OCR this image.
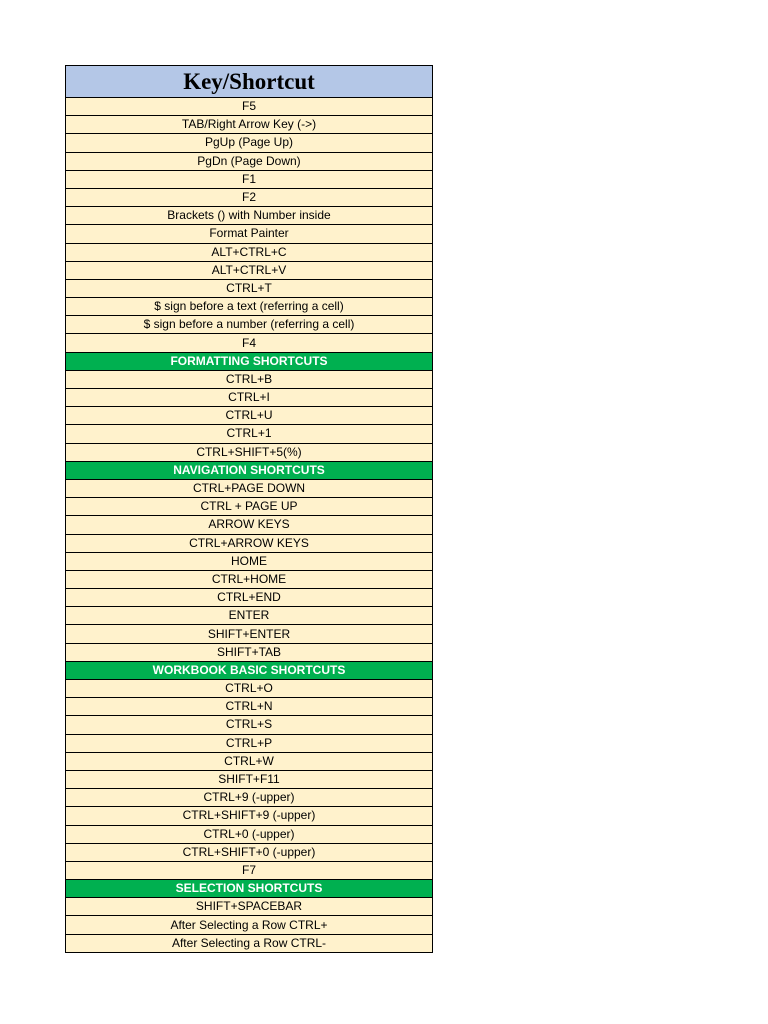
Key/Shortcut
F5
TAB/Right Arrow Key (->)
PgUp (Page Up)
PgDn (Page Down)
F1
F2
Brackets () with Number inside
Format Painter
ALT+CTRL+C
ALT+CTRL+V
CTRL+T
$ sign before a text (referring a cell)
$ sign before a number (referring a cell)
F4
FORMATTING SHORTCUTS
CTRL+B
CTRL+I
CTRL+U
CTRL+1
CTRL+SHIFT+5(%)
NAVIGATION SHORTCUTS
CTRL+PAGE DOWN
CTRL + PAGE UP
ARROW KEYS
CTRL+ARROW KEYS
HOME
CTRL+HOME
CTRL+END
ENTER
SHIFT+ENTER
SHIFT+TAB
WORKBOOK BASIC SHORTCUTS
CTRL+O
CTRL+N
CTRL+S
CTRL+P
CTRL+W
SHIFT+F11
CTRL+9 (-upper)
CTRL+SHIFT+9 (-upper)
CTRL+0 (-upper)
CTRL+SHIFT+0 (-upper)
F7
SELECTION SHORTCUTS
SHIFT+SPACEBAR
After Selecting a Row CTRL+
After Selecting a Row CTRL-
